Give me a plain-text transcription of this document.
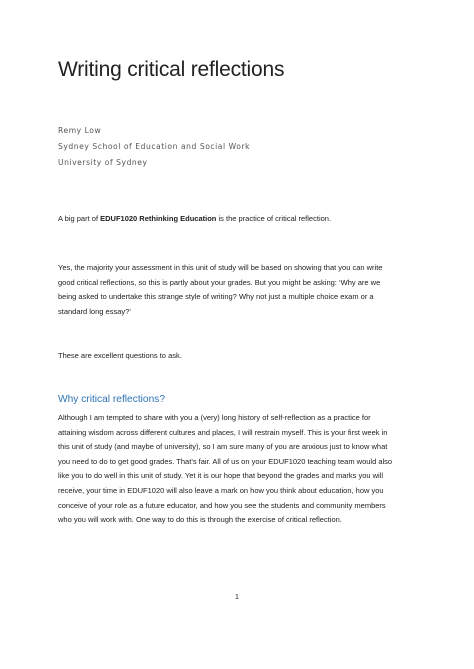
Writing critical reflections
Remy Low
Sydney School of Education and Social Work
University of Sydney

A big part of EDUF1020 Rethinking Education is the practice of critical reflection.

Yes, the majority your assessment in this unit of study will be based on showing that you can write
good critical reflections, so this is partly about your grades. But you might be asking: ‘Why are we
being asked to undertake this strange style of writing? Why not just a multiple choice exam or a
standard long essay?’

These are excellent questions to ask.

Why critical reflections?

Although I am tempted to share with you a (very) long history of self-reflection as a practice for
attaining wisdom across different cultures and places, I will restrain myself. This is your first week in
this unit of study (and maybe of university), so I am sure many of you are anxious just to know what
you need to do to get good grades. That’s fair. All of us on your EDUF1020 teaching team would also
like you to do well in this unit of study. Yet it is our hope that beyond the grades and marks you will
receive, your time in EDUF1020 will also leave a mark on how you think about education, how you
conceive of your role as a future educator, and how you see the students and community members
who you will work with. One way to do this is through the exercise of critical reflection.

1
